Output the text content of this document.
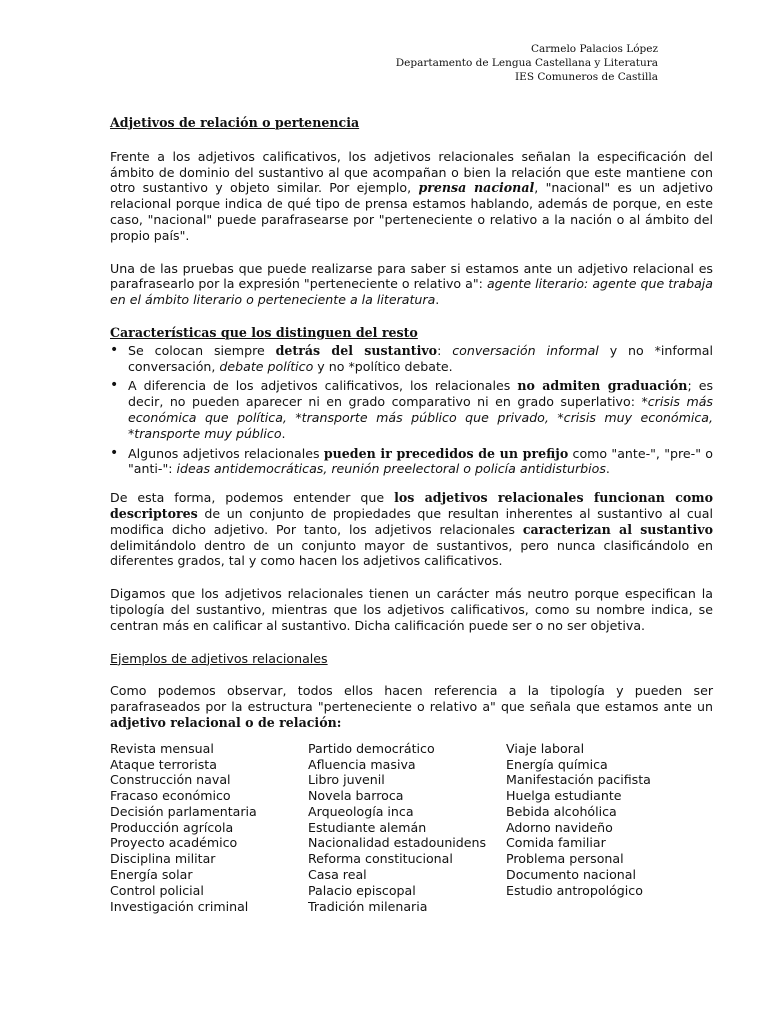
Carmelo Palacios López
Departamento de Lengua Castellana y Literatura
IES Comuneros de Castilla
Adjetivos de relación o pertenencia

Frente a los adjetivos calificativos, los adjetivos relacionales señalan la especificación del ámbito de dominio del sustantivo al que acompañan o bien la relación que este mantiene con otro sustantivo y objeto similar. Por ejemplo, prensa nacional, "nacional" es un adjetivo relacional porque indica de qué tipo de prensa estamos hablando, además de porque, en este caso, "nacional" puede parafrasearse por "perteneciente o relativo a la nación o al ámbito del propio país".

Una de las pruebas que puede realizarse para saber si estamos ante un adjetivo relacional es parafrasearlo por la expresión "perteneciente o relativo a": agente literario: agente que trabaja en el ámbito literario o perteneciente a la literatura.

Características que los distinguen del resto
• Se colocan siempre detrás del sustantivo: conversación informal y no *informal conversación, debate político y no *político debate.
• A diferencia de los adjetivos calificativos, los relacionales no admiten graduación; es decir, no pueden aparecer ni en grado comparativo ni en grado superlativo: *crisis más económica que política, *transporte más público que privado, *crisis muy económica, *transporte muy público.
• Algunos adjetivos relacionales pueden ir precedidos de un prefijo como "ante-", "pre-" o "anti-": ideas antidemocráticas, reunión preelectoral o policía antidisturbios.

De esta forma, podemos entender que los adjetivos relacionales funcionan como descriptores de un conjunto de propiedades que resultan inherentes al sustantivo al cual modifica dicho adjetivo. Por tanto, los adjetivos relacionales caracterizan al sustantivo delimitándolo dentro de un conjunto mayor de sustantivos, pero nunca clasificándolo en diferentes grados, tal y como hacen los adjetivos calificativos.

Digamos que los adjetivos relacionales tienen un carácter más neutro porque especifican la tipología del sustantivo, mientras que los adjetivos calificativos, como su nombre indica, se centran más en calificar al sustantivo. Dicha calificación puede ser o no ser objetiva.

Ejemplos de adjetivos relacionales

Como podemos observar, todos ellos hacen referencia a la tipología y pueden ser parafraseados por la estructura "perteneciente o relativo a" que señala que estamos ante un adjetivo relacional o de relación:

Revista mensual
Ataque terrorista
Construcción naval
Fracaso económico
Decisión parlamentaria
Producción agrícola
Proyecto académico
Disciplina militar
Energía solar
Control policial
Investigación criminal
Partido democrático
Afluencia masiva
Libro juvenil
Novela barroca
Arqueología inca
Estudiante alemán
Nacionalidad estadounidens
Reforma constitucional
Casa real
Palacio episcopal
Tradición milenaria
Viaje laboral
Energía química
Manifestación pacifista
Huelga estudiante
Bebida alcohólica
Adorno navideño
Comida familiar
Problema personal
Documento nacional
Estudio antropológico
